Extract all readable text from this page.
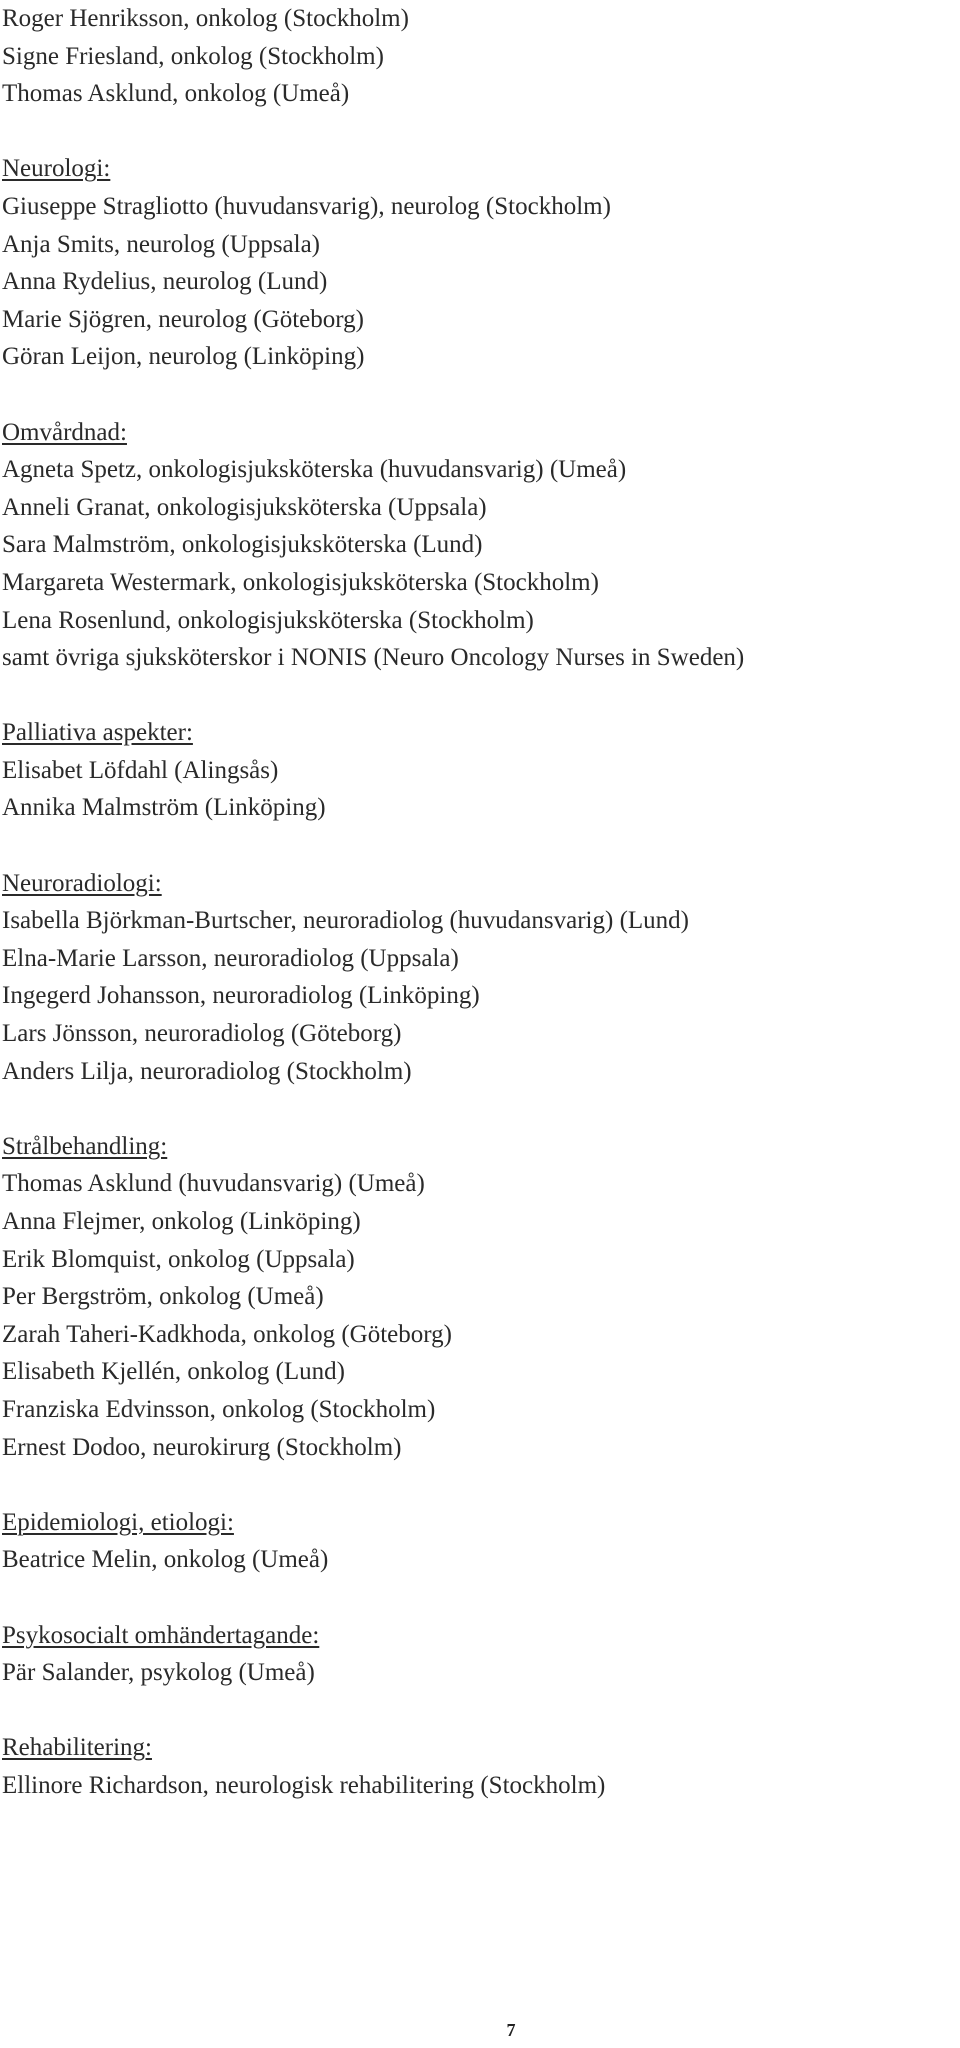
Roger Henriksson, onkolog (Stockholm)
Signe Friesland, onkolog (Stockholm)
Thomas Asklund, onkolog (Umeå)
Neurologi:
Giuseppe Stragliotto (huvudansvarig), neurolog (Stockholm)
Anja Smits, neurolog (Uppsala)
Anna Rydelius, neurolog (Lund)
Marie Sjögren, neurolog (Göteborg)
Göran Leijon, neurolog (Linköping)
Omvårdnad:
Agneta Spetz, onkologisjuksköterska (huvudansvarig) (Umeå)
Anneli Granat, onkologisjuksköterska (Uppsala)
Sara Malmström, onkologisjuksköterska (Lund)
Margareta Westermark, onkologisjuksköterska (Stockholm)
Lena Rosenlund, onkologisjuksköterska (Stockholm)
samt övriga sjuksköterskor i NONIS (Neuro Oncology Nurses in Sweden)
Palliativa aspekter:
Elisabet Löfdahl (Alingsås)
Annika Malmström (Linköping)
Neuroradiologi:
Isabella Björkman-Burtscher, neuroradiolog (huvudansvarig) (Lund)
Elna-Marie Larsson, neuroradiolog (Uppsala)
Ingegerd Johansson, neuroradiolog (Linköping)
Lars Jönsson, neuroradiolog (Göteborg)
Anders Lilja, neuroradiolog (Stockholm)
Strålbehandling:
Thomas Asklund (huvudansvarig) (Umeå)
Anna Flejmer, onkolog (Linköping)
Erik Blomquist, onkolog (Uppsala)
Per Bergström, onkolog (Umeå)
Zarah Taheri-Kadkhoda, onkolog (Göteborg)
Elisabeth Kjellén, onkolog (Lund)
Franziska Edvinsson, onkolog (Stockholm)
Ernest Dodoo, neurokirurg (Stockholm)
Epidemiologi, etiologi:
Beatrice Melin, onkolog (Umeå)
Psykosocialt omhändertagande:
Pär Salander, psykolog (Umeå)
Rehabilitering:
Ellinore Richardson, neurologisk rehabilitering (Stockholm)
7
